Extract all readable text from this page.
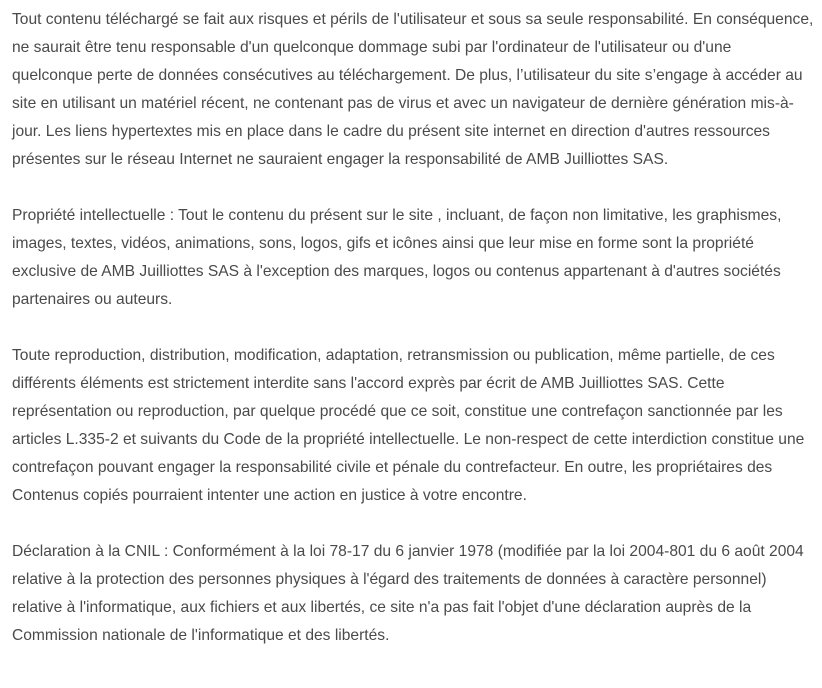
Tout contenu téléchargé se fait aux risques et périls de l'utilisateur et sous sa seule responsabilité. En conséquence, ne saurait être tenu responsable d'un quelconque dommage subi par l'ordinateur de l'utilisateur ou d'une quelconque perte de données consécutives au téléchargement. De plus, l’utilisateur du site s’engage à accéder au site en utilisant un matériel récent, ne contenant pas de virus et avec un navigateur de dernière génération mis-à-jour. Les liens hypertextes mis en place dans le cadre du présent site internet en direction d'autres ressources présentes sur le réseau Internet ne sauraient engager la responsabilité de AMB Juilliottes SAS.

Propriété intellectuelle : Tout le contenu du présent sur le site , incluant, de façon non limitative, les graphismes, images, textes, vidéos, animations, sons, logos, gifs et icônes ainsi que leur mise en forme sont la propriété exclusive de AMB Juilliottes SAS à l'exception des marques, logos ou contenus appartenant à d'autres sociétés partenaires ou auteurs.

Toute reproduction, distribution, modification, adaptation, retransmission ou publication, même partielle, de ces différents éléments est strictement interdite sans l'accord exprès par écrit de AMB Juilliottes SAS. Cette représentation ou reproduction, par quelque procédé que ce soit, constitue une contrefaçon sanctionnée par les articles L.335-2 et suivants du Code de la propriété intellectuelle. Le non-respect de cette interdiction constitue une contrefaçon pouvant engager la responsabilité civile et pénale du contrefacteur. En outre, les propriétaires des Contenus copiés pourraient intenter une action en justice à votre encontre.

Déclaration à la CNIL : Conformément à la loi 78-17 du 6 janvier 1978 (modifiée par la loi 2004-801 du 6 août 2004 relative à la protection des personnes physiques à l'égard des traitements de données à caractère personnel) relative à l'informatique, aux fichiers et aux libertés, ce site n'a pas fait l'objet d'une déclaration auprès de la Commission nationale de l'informatique et des libertés.
